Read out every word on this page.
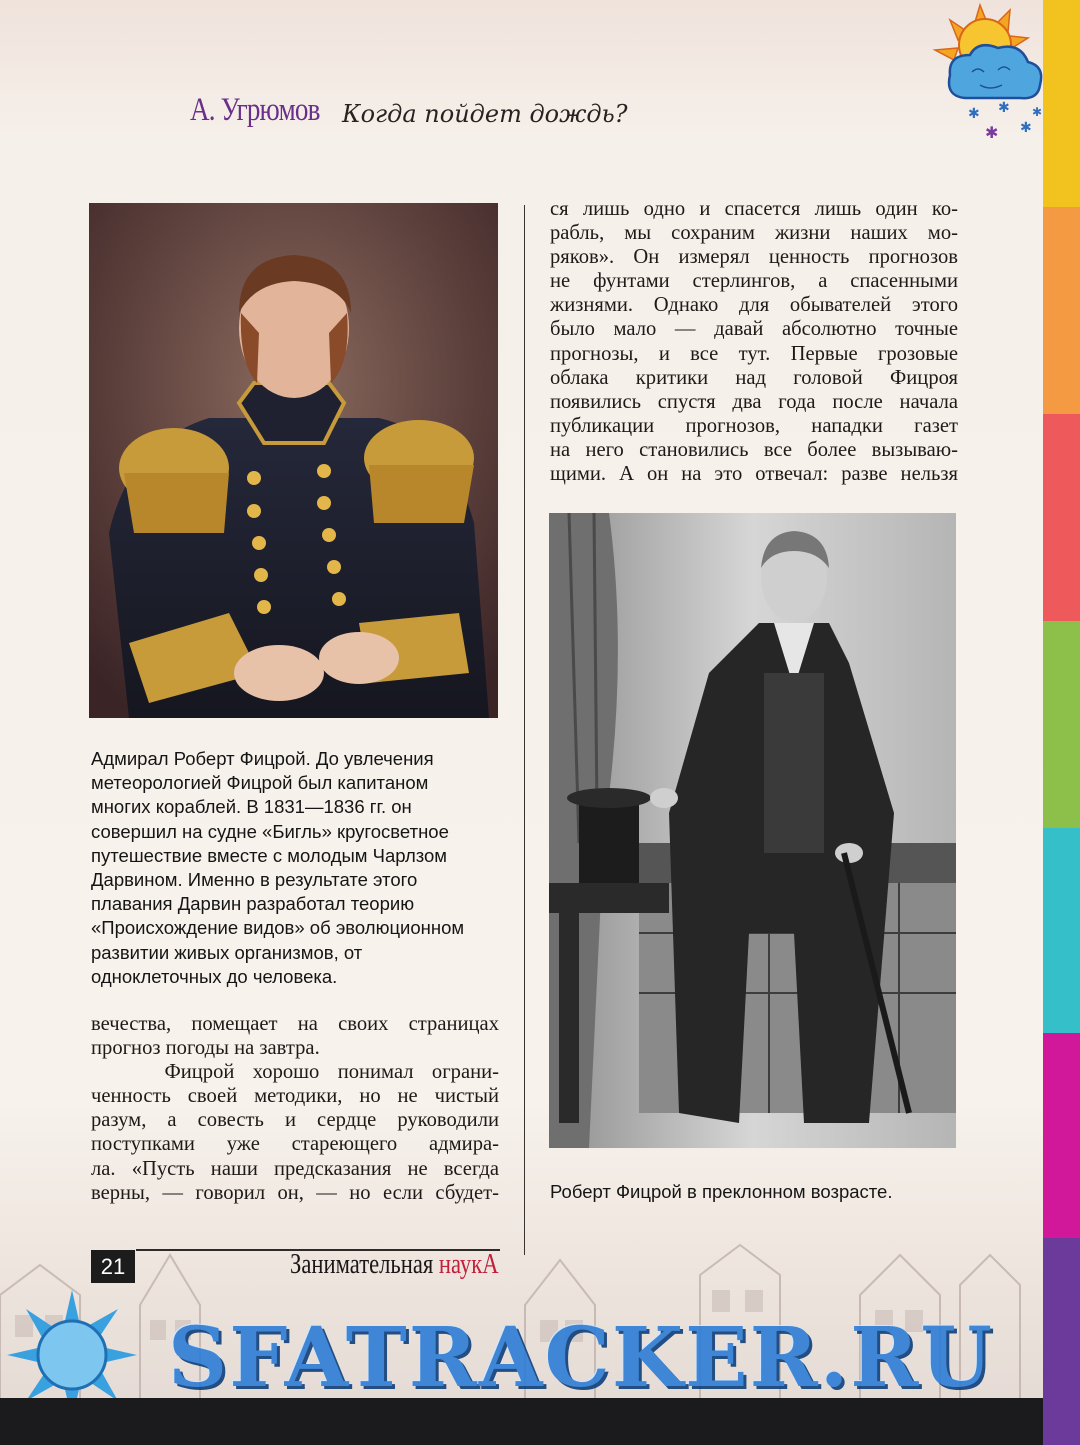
✱ ✱
✱ ✱
✱
А. Угрюмов Когда пойдет дождь?
ся лишь одно и спасется лишь один ко-
рабль, мы сохраним жизни наших мо-
ряков». Он измерял ценность прогнозов
не фунтами стерлингов, а спасенными
жизнями. Однако для обывателей этого
было мало — давай абсолютно точные
прогнозы, и все тут. Первые грозовые
облака критики над головой Фицроя
появились спустя два года после начала
публикации прогнозов, нападки газет
на него становились все более вызываю-
щими. А он на это отвечал: разве нельзя
Адмирал Роберт Фицрой. До увлечения
метеорологией Фицрой был капитаном
многих кораблей. В 1831—1836 гг. он
совершил на судне «Бигль» кругосветное
путешествие вместе с молодым Чарлзом
Дарвином. Именно в результате этого
плавания Дарвин разработал теорию
«Происхождение видов» об эволюционном
развитии живых организмов, от
одноклеточных до человека.
вечества, помещает на своих страницах
прогноз погоды на завтра.
Фицрой хорошо понимал ограни-
ченность своей методики, но не чистый
разум, а совесть и сердце руководили
поступками уже стареющего адмира-
ла. «Пусть наши предсказания не всегда
верны, — говорил он, — но если сбудет-	Роберт Фицрой в преклонном возрасте.
SFATRACKER.RU
21	Занимательная наукА
